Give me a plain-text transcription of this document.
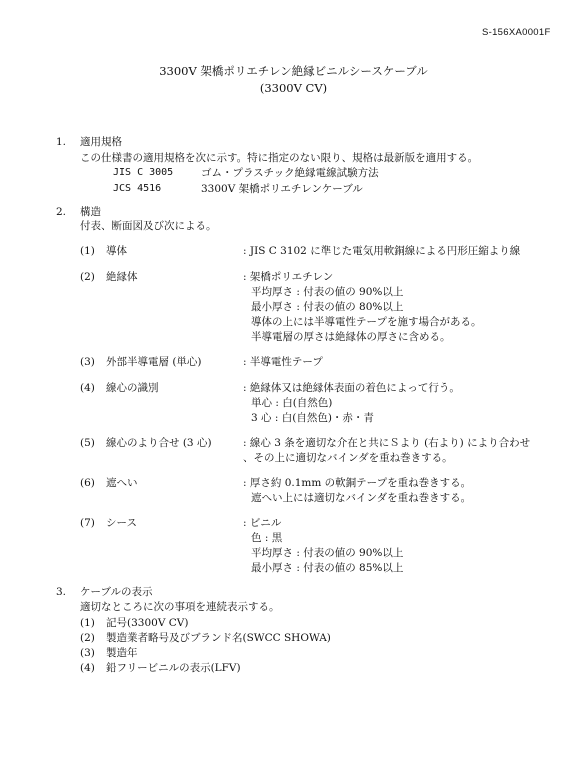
S-156XA0001F
3300V 架橋ポリエチレン絶縁ビニルシースケーブル
(3300V CV)
1. 適用規格
この仕様書の適用規格を次に示す。特に指定のない限り、規格は最新版を適用する。
JIS C 3005	ゴム・プラスチック絶縁電線試験方法
JCS 4516	3300V 架橋ポリエチレンケーブル
2. 構造
付表、断面図及び次による。
(1) 導体	: JIS C 3102 に準じた電気用軟銅線による円形圧縮より線
(2) 絶縁体	: 架橋ポリエチレン
平均厚さ : 付表の値の 90%以上
最小厚さ : 付表の値の 80%以上
導体の上には半導電性テープを施す場合がある。
半導電層の厚さは絶縁体の厚さに含める。
(3) 外部半導電層 (単心)	: 半導電性テープ
(4) 線心の識別	: 絶縁体又は絶縁体表面の着色によって行う。
単心 : 白(自然色)
3 心 : 白(自然色)・赤・青
(5) 線心のより合せ (3 心)	: 線心 3 条を適切な介在と共にＳより (右より) により合わせ
、その上に適切なバインダを重ね巻きする。
(6) 遮へい	: 厚さ約 0.1mm の軟銅テープを重ね巻きする。
遮へい上には適切なバインダを重ね巻きする。
(7) シース	: ビニル
色 : 黒
平均厚さ : 付表の値の 90%以上
最小厚さ : 付表の値の 85%以上
3. ケーブルの表示
適切なところに次の事項を連続表示する。
(1) 記号(3300V CV)
(2) 製造業者略号及びブランド名(SWCC SHOWA)
(3) 製造年
(4) 鉛フリービニルの表示(LFV)
